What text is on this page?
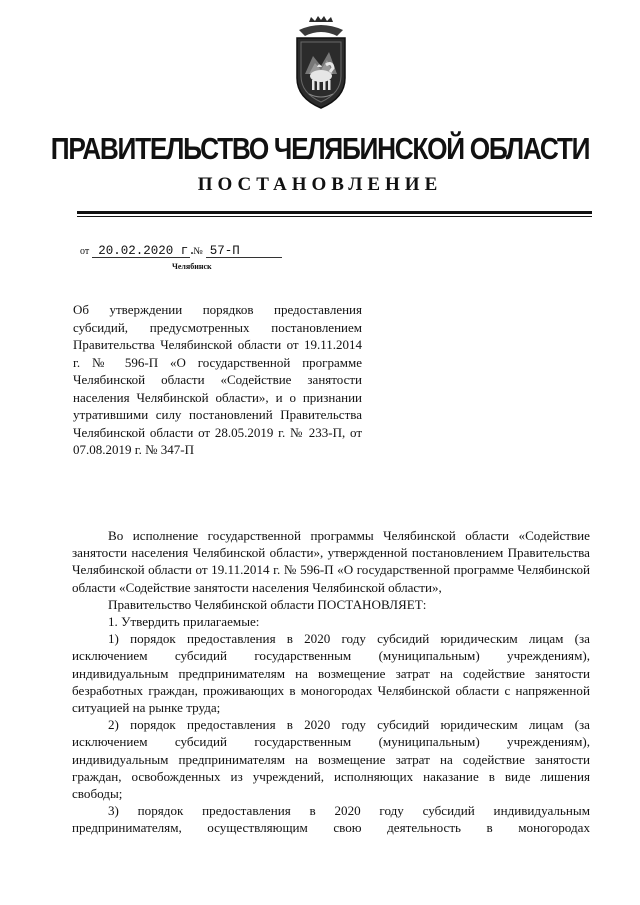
ПРАВИТЕЛЬСТВО ЧЕЛЯБИНСКОЙ ОБЛАСТИ
ПОСТАНОВЛЕНИЕ
от 20.02.2020 г. № 57-П
Челябинск
Об утверждении порядков предоставления субсидий, предусмотренных постановлением Правительства Челябинской области от 19.11.2014 г. № 596-П «О государственной программе Челябинской области «Содействие занятости населения Челябинской области», и о признании утратившими силу постановлений Правительства Челябинской области от 28.05.2019 г. № 233-П, от 07.08.2019 г. № 347-П

Во исполнение государственной программы Челябинской области «Содействие занятости населения Челябинской области», утвержденной постановлением Правительства Челябинской области от 19.11.2014 г. № 596-П «О государственной программе Челябинской области «Содействие занятости населения Челябинской области»,

Правительство Челябинской области ПОСТАНОВЛЯЕТ:

1. Утвердить прилагаемые:

1) порядок предоставления в 2020 году субсидий юридическим лицам (за исключением субсидий государственным (муниципальным) учреждениям), индивидуальным предпринимателям на возмещение затрат на содействие занятости безработных граждан, проживающих в моногородах Челябинской области с напряженной ситуацией на рынке труда;

2) порядок предоставления в 2020 году субсидий юридическим лицам (за исключением субсидий государственным (муниципальным) учреждениям), индивидуальным предпринимателям на возмещение затрат на содействие занятости граждан, освобожденных из учреждений, исполняющих наказание в виде лишения свободы;

3) порядок предоставления в 2020 году субсидий индивидуальным предпринимателям, осуществляющим свою деятельность в моногородах
